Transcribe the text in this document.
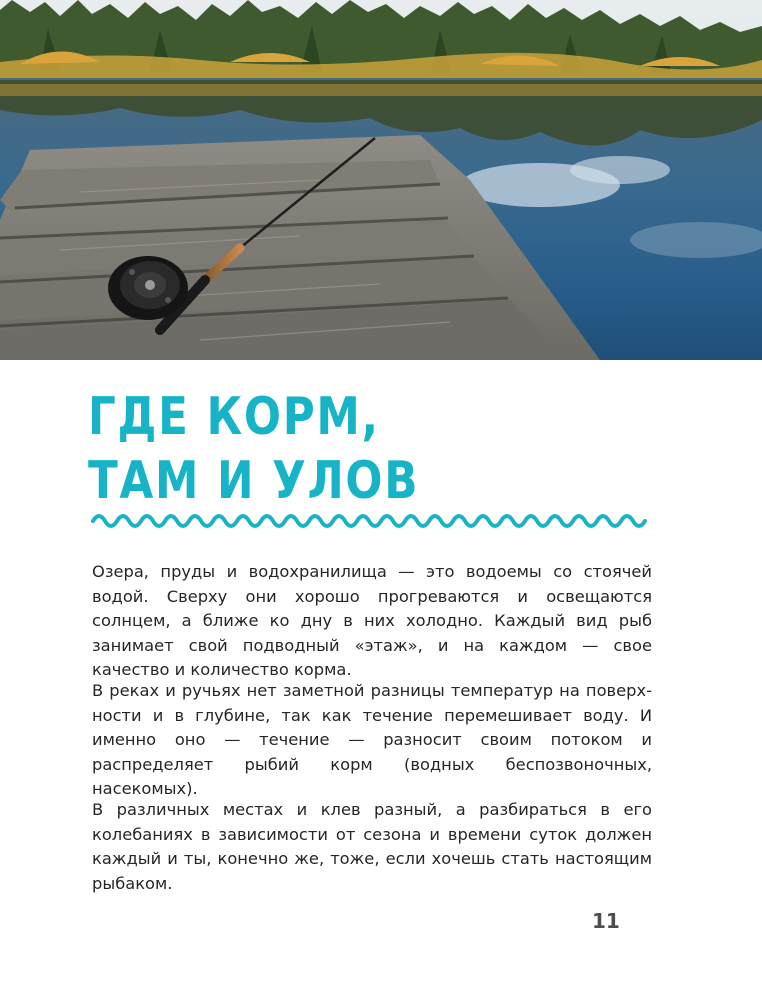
ГДЕ КОРМ,
ТАМ И УЛОВ

Озера, пруды и водохранилища — это водоемы со стоячей водой. Сверху они хорошо прогреваются и освещаются солнцем, а ближе ко дну в них холодно. Каждый вид рыб занимает свой подводный «этаж», и на каждом — свое качество и количество корма.

В реках и ручьях нет заметной разницы температур на поверхности и в глубине, так как течение перемешивает воду. И именно оно — течение — разносит своим потоком и распределяет рыбий корм (водных беспозвоночных, насекомых).

В различных местах и клев разный, а разбираться в его колебаниях в зависимости от сезона и времени суток должен каждый и ты, конечно же, тоже, если хочешь стать настоящим рыбаком.

11
